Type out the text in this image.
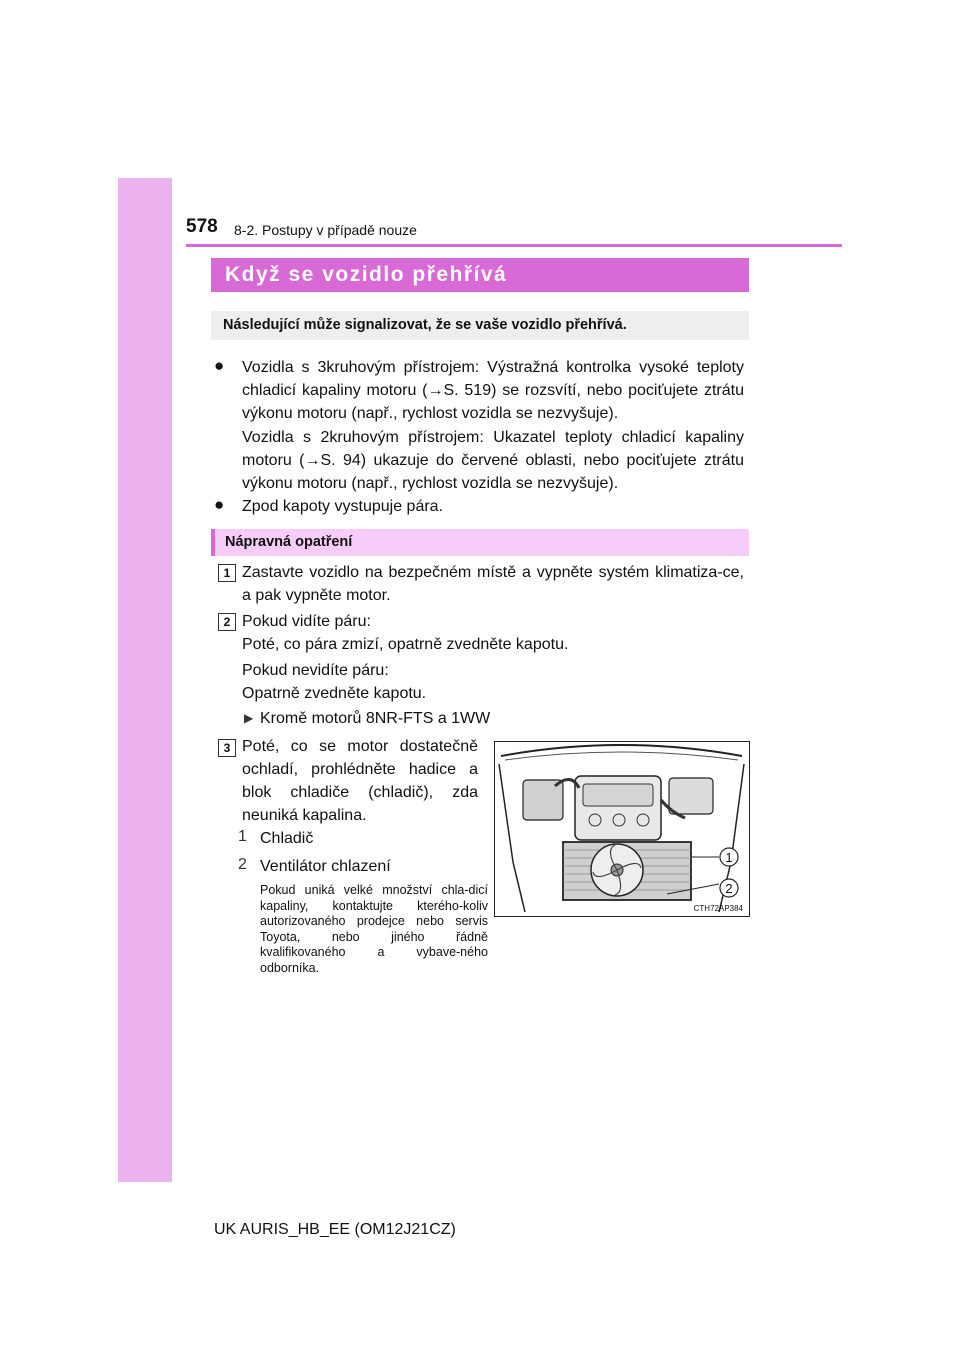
578 8-2. Postupy v případě nouze
Když se vozidlo přehřívá
Následující může signalizovat, že se vaše vozidlo přehřívá.
● Vozidla s 3kruhovým přístrojem: Výstražná kontrolka vysoké teploty chladicí kapaliny motoru (→S. 519) se rozsvítí, nebo pociťujete ztrátu výkonu motoru (např., rychlost vozidla se nezvyšuje).
Vozidla s 2kruhovým přístrojem: Ukazatel teploty chladicí kapaliny motoru (→S. 94) ukazuje do červené oblasti, nebo pociťujete ztrátu výkonu motoru (např., rychlost vozidla se nezvyšuje).
● Zpod kapoty vystupuje pára.
Nápravná opatření
1 Zastavte vozidlo na bezpečném místě a vypněte systém klimatiza-ce, a pak vypněte motor.
2 Pokud vidíte páru:
Poté, co pára zmizí, opatrně zvedněte kapotu.
Pokud nevidíte páru:
Opatrně zvedněte kapotu.
▶ Kromě motorů 8NR-FTS a 1WW
3 Poté, co se motor dostatečně ochladí, prohlédněte hadice a blok chladiče (chladič), zda neuniká kapalina.
1 Chladič
2 Ventilátor chlazení
Pokud uniká velké množství chla-dicí kapaliny, kontaktujte kterého-koliv autorizovaného prodejce nebo servis Toyota, nebo jiného řádně kvalifikovaného a vybave-ného odborníka.
1
2
CTH72AP384
UK AURIS_HB_EE (OM12J21CZ)
